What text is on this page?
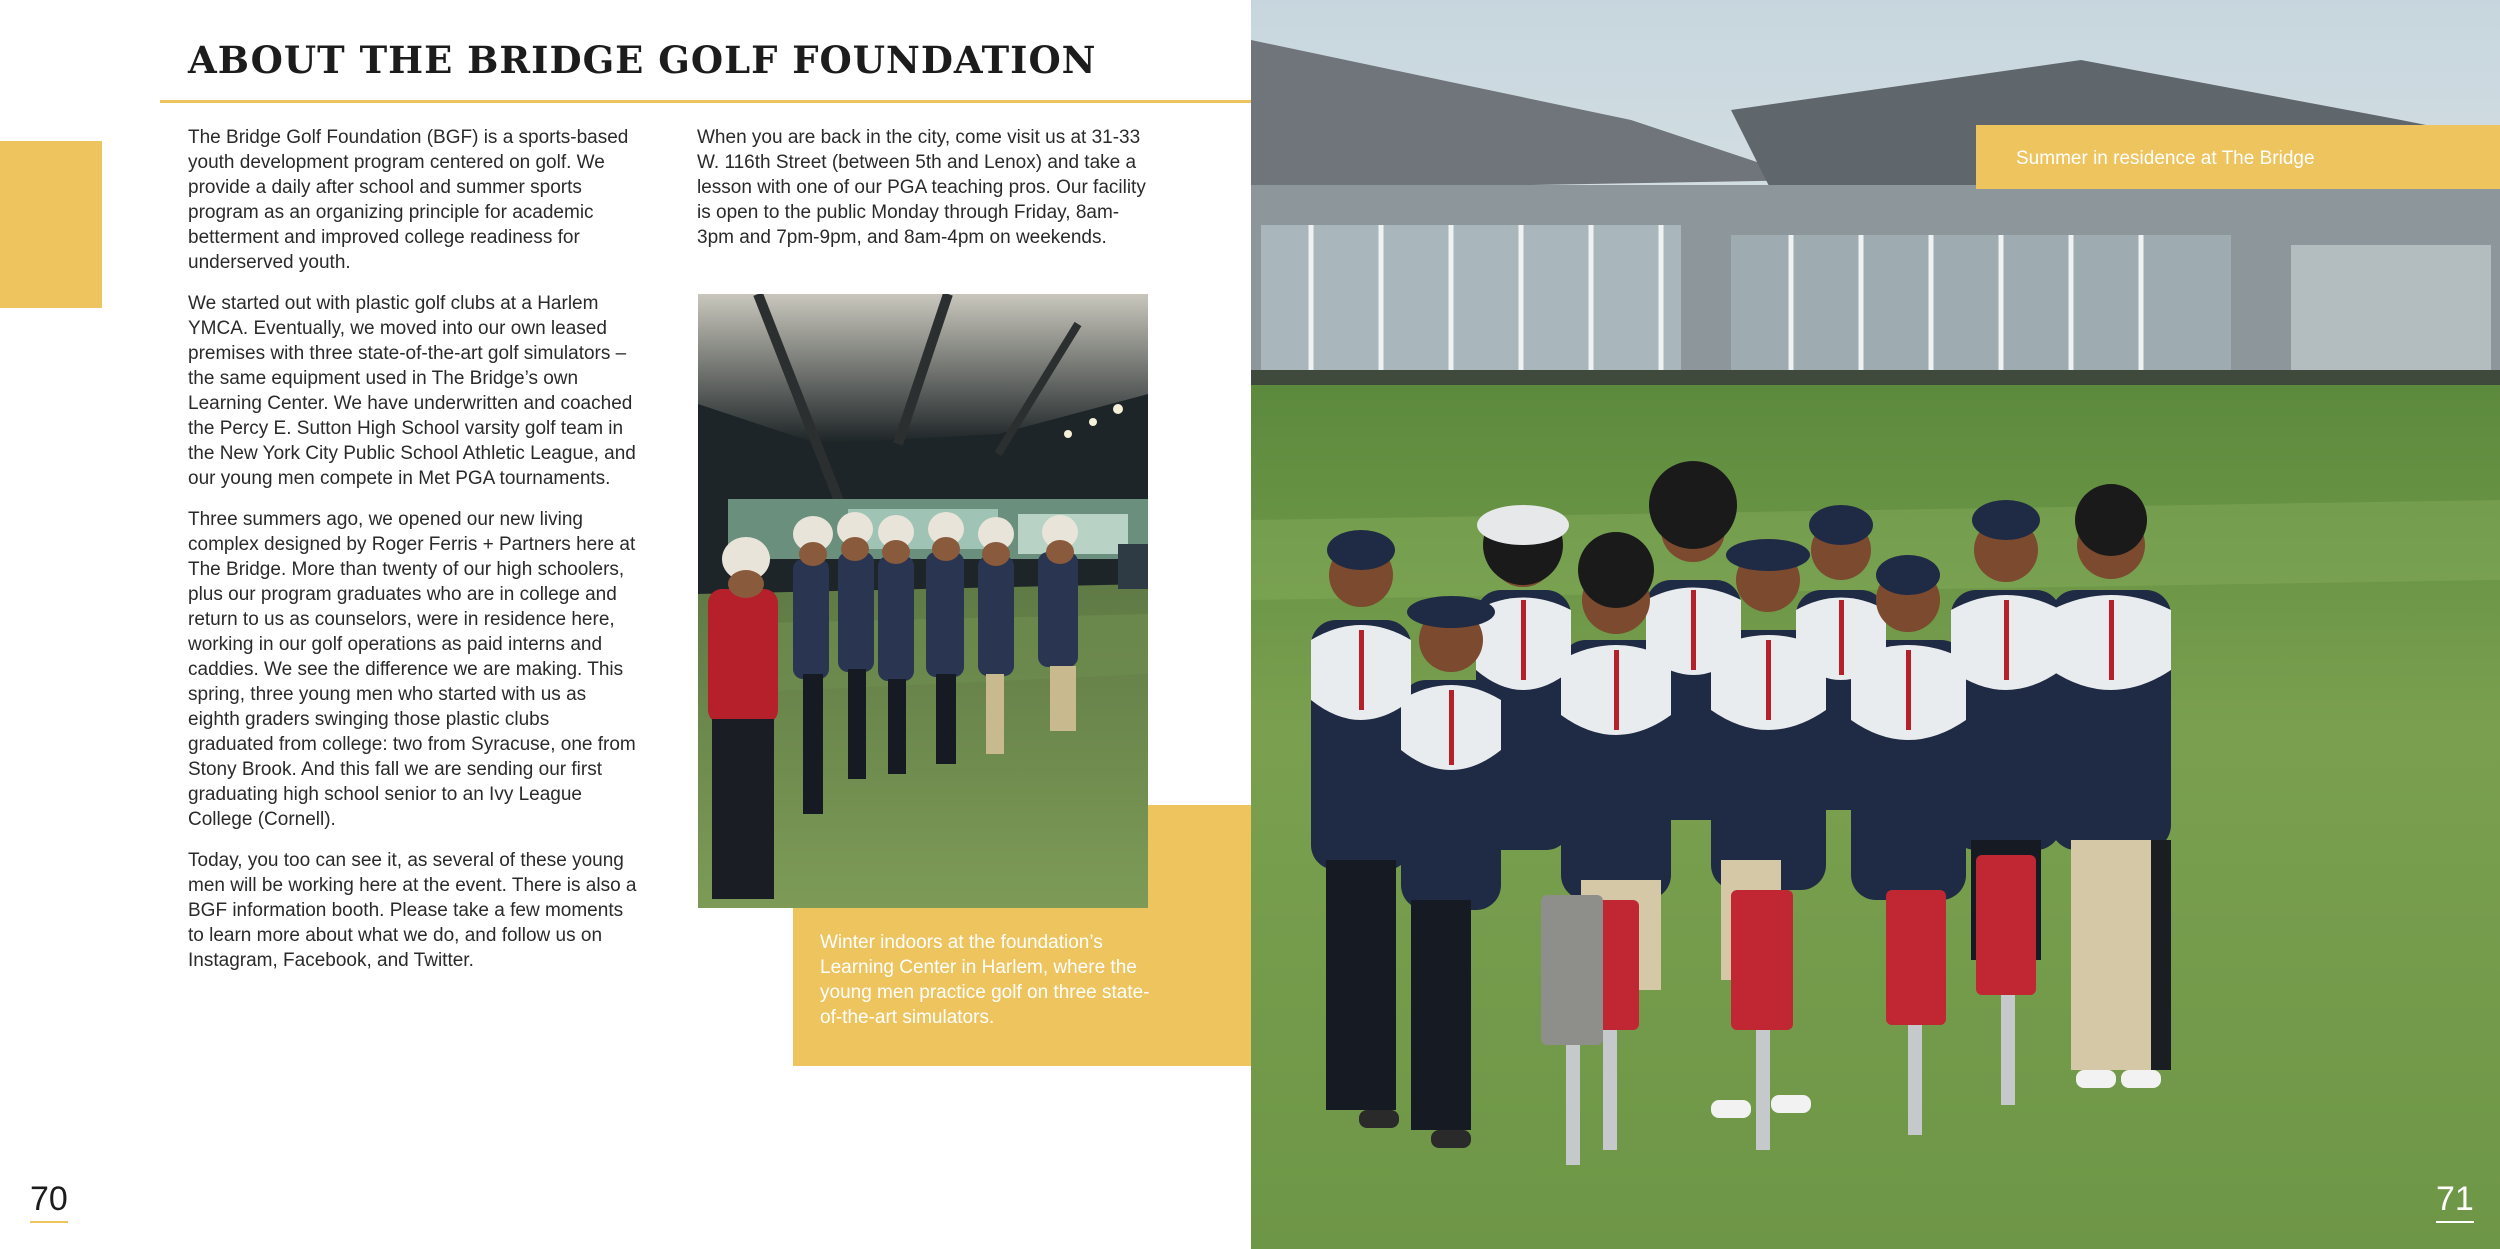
ABOUT THE BRIDGE GOLF FOUNDATION

The Bridge Golf Foundation (BGF) is a sports-based youth development program centered on golf. We provide a daily after school and summer sports program as an organizing principle for academic betterment and improved college readiness for underserved youth.

We started out with plastic golf clubs at a Harlem YMCA. Eventually, we moved into our own leased premises with three state-of-the-art golf simulators – the same equipment used in The Bridge’s own Learning Center. We have underwritten and coached the Percy E. Sutton High School varsity golf team in the New York City Public School Athletic League, and our young men compete in Met PGA tournaments.

Three summers ago, we opened our new living complex designed by Roger Ferris + Partners here at The Bridge. More than twenty of our high schoolers, plus our program graduates who are in college and return to us as counselors, were in residence here, working in our golf operations as paid interns and caddies. We see the difference we are making. This spring, three young men who started with us as eighth graders swinging those plastic clubs graduated from college: two from Syracuse, one from Stony Brook. And this fall we are sending our first graduating high school senior to an Ivy League College (Cornell).

Today, you too can see it, as several of these young men will be working here at the event. There is also a BGF information booth. Please take a few moments to learn more about what we do, and follow us on Instagram, Facebook, and Twitter.

When you are back in the city, come visit us at 31-33 W. 116th Street (between 5th and Lenox) and take a lesson with one of our PGA teaching pros. Our facility is open to the public Monday through Friday, 8am-3pm and 7pm-9pm, and 8am-4pm on weekends.

Winter indoors at the foundation’s Learning Center in Harlem, where the young men practice golf on three state-of-the-art simulators.
70
Summer in residence at The Bridge
71
